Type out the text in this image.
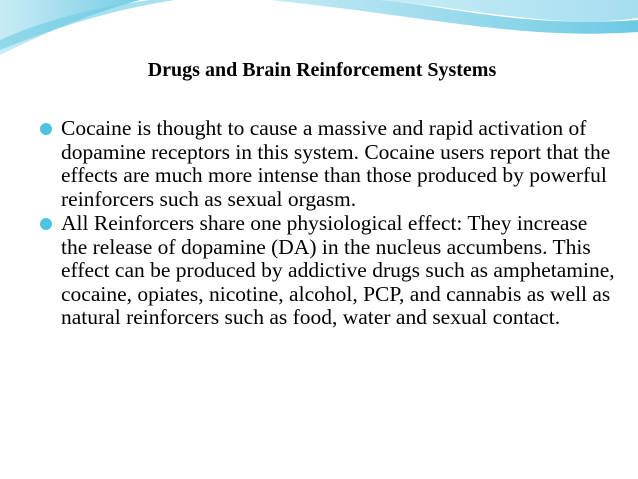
Drugs and Brain Reinforcement Systems
Cocaine is thought to cause a massive and rapid activation of dopamine receptors in this system. Cocaine users report that the effects are much more intense than those produced by powerful reinforcers such as sexual orgasm.
All Reinforcers share one physiological effect: They increase the release of dopamine (DA) in the nucleus accumbens. This effect can be produced by addictive drugs such as amphetamine, cocaine, opiates, nicotine, alcohol, PCP, and cannabis as well as natural reinforcers such as food, water and sexual contact.
